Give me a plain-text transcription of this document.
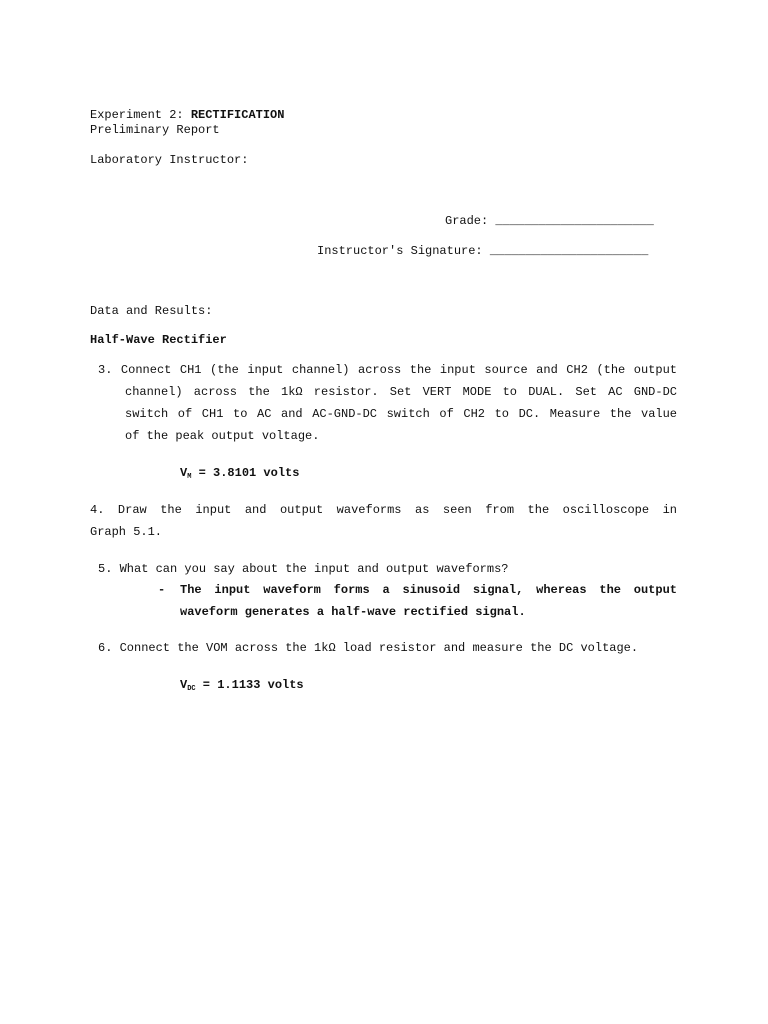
Experiment 2: RECTIFICATION
Preliminary Report
Laboratory Instructor:
Grade: ______________________
Instructor's Signature: ______________________
Data and Results:
Half-Wave Rectifier
3. Connect CH1 (the input channel) across the input source and CH2 (the output
channel) across the 1kΩ resistor. Set VERT MODE to DUAL. Set AC GND-DC
switch of CH1 to AC and AC-GND-DC switch of CH2 to DC. Measure the value
of the peak output voltage.
$V_M = 3.8101$ volts
4. Draw the input and output waveforms as seen from the oscilloscope in
Graph 5.1.
5. What can you say about the input and output waveforms?
- The input waveform forms a sinusoid signal, whereas the output
waveform generates a half-wave rectified signal.
6. Connect the VOM across the 1kΩ load resistor and measure the DC voltage.
$V_{DC} = 1.1133$ volts
